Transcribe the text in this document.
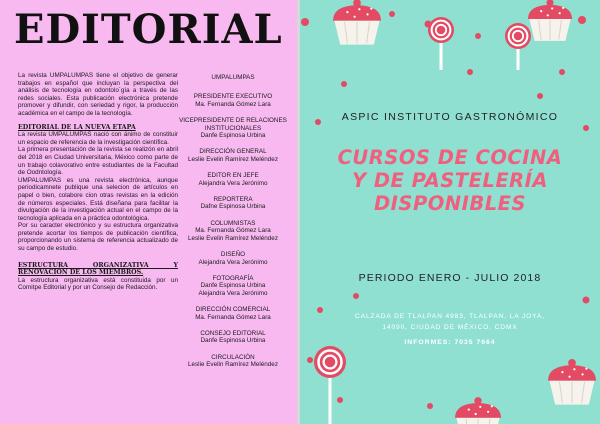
EDITORIAL

La revista UMPALUMPAS tiene el objetivo de generar trabajos en español que incluyan la perspectiva del análisis de tecnología en odontolo´gía a través de las redes sociales. Esta publicación electrónica pretende promover y difundir, con seriedad y rigor, la producción académica en el campo de la tecnología.

EDITORIAL DE LA NUEVA ETAPA

La revista UMPALUMPAS nació con ánimo de constituir un espacio de referencia de la investigación científica.

La primera presentación de la revista se realizón en abril del 2018 en Ciudad Universitaria, México como parte de un trabajo colavorativo entre estudiantes de la Facultad de Oodntología.

UMPALUMPAS es una revista electrónica, aunque periodicamnete publique una selecion de artículos en papel o bien, colabore cion otras revistas en la edición de números especiales. Está diseñana para facilitar la divulgación de la investigación actual en el campo de la tecnología aplicada en a práctica odontológica.

Por su caracter electrónico y su estructura organizativa pretende acortar los tiempos de publicación científica, proporcionando un sistema de referencia actualizado de su campo de estudio.

ESTRUCTURA ORGANIZATIVA Y RENOVACIÓN DE LOS MIEMBROS.

La estructura organizativa está constituida por un Comitpe Editorial y por un Consejo de Redacción.

UMPALUMPAS
PRESIDENTE EXECUTIVO
Ma. Fernanda Gómez Lara
VICEPRESIDENTE DE RELACIONES INSTITUCIONALES
Danfe Espinosa Urbina
DIRECCIÓN GENERAL
Leslie Evelin Ramírez Meléndez
EDITOR EN JEFE
Alejandra Vera Jerónimo
REPORTERA
Dafne Espinosa Urbina
COLUMNISTAS
Ma. Fernanda Gómez Lara
Leslie Evelin Ramírez Meléndez
DISEÑO
Alejandra Vera Jerónimo
FOTOGRAFÍA
Danfe Espinosa Urbina
Alejandra Vera Jerónimo
DIRECCIÓN COMERCIAL
Ma. Fernanda Gómez Lara
CONSEJO EDITORIAL
Danfe Espinosa Urbina
CIRCULACIÓN
Leslie Evelin Ramírez Meléndez
ASPIC INSTITUTO GASTRONÓMICO
CURSOS DE COCINA
Y DE PASTELERÍA
DISPONIBLES
PERIODO ENERO - JULIO 2018
CALZADA DE TLALPAN 4983, TLALPAN, LA JOYA,
14090, CIUDAD DE MÉXICO, CDMX
INFORMES: 7035 7664
